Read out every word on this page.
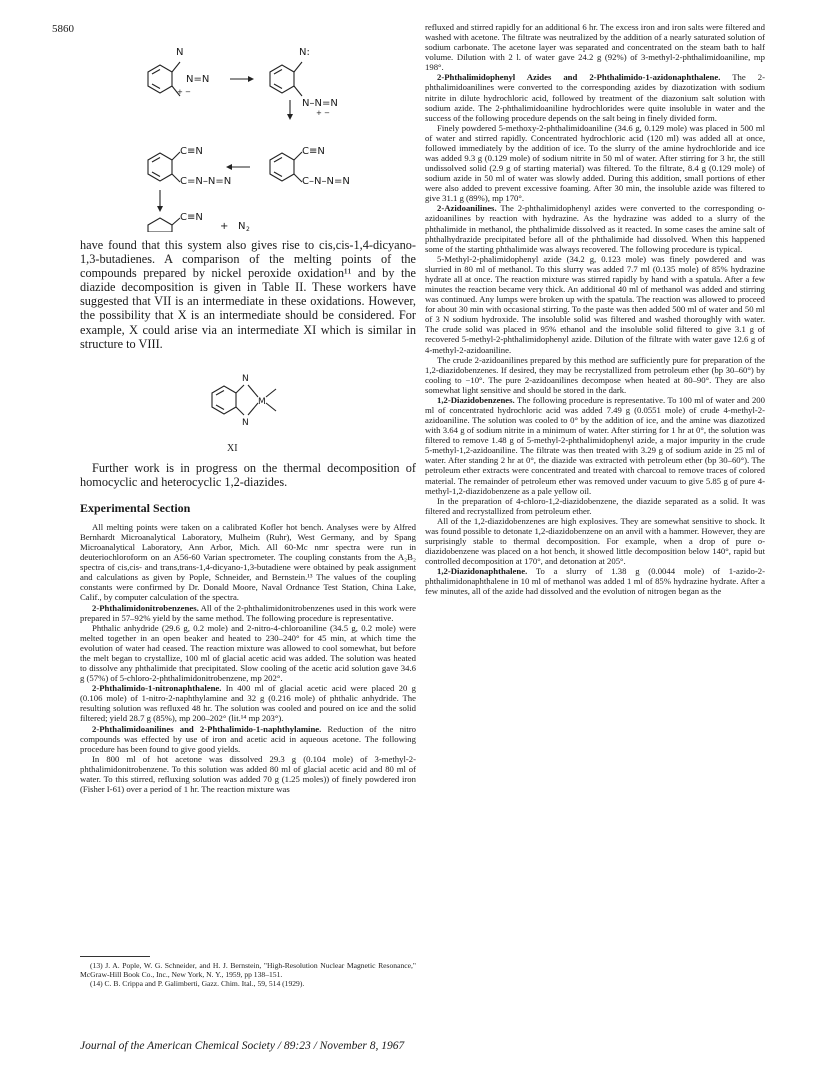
5860
N
N=N
+ −
N:
N–N=N
+ −
C≡N
C=N–N=N
C≡N
C–N–N=N
C≡N
+ N 2

have found that this system also gives rise to cis,cis-1,4-dicyano-1,3-butadienes. A comparison of the melting points of the compounds prepared by nickel peroxide oxidation¹¹ and by the diazide decomposition is given in Table II. These workers have suggested that VII is an intermediate in these oxidations. However, the possibility that X is an intermediate should be considered. For example, X could arise via an intermediate XI which is similar in structure to VIII.

N
N
M
XI

Further work is in progress on the thermal decomposition of homocyclic and heterocyclic 1,2-diazides.

Experimental Section

All melting points were taken on a calibrated Kofler hot bench. Analyses were by Alfred Bernhardt Microanalytical Laboratory, Mulheim (Ruhr), West Germany, and by Spang Microanalytical Laboratory, Ann Arbor, Mich. All 60-Mc nmr spectra were run in deuteriochloroform on an A56-60 Varian spectrometer. The coupling constants from the A₂B₂ spectra of cis,cis- and trans,trans-1,4-dicyano-1,3-butadiene were obtained by peak assignment and calculations as given by Pople, Schneider, and Bernstein.¹³ The values of the coupling constants were confirmed by Dr. Donald Moore, Naval Ordnance Test Station, China Lake, Calif., by computer calculation of the spectra.

2-Phthalimidonitrobenzenes. All of the 2-phthalimidonitrobenzenes used in this work were prepared in 57–92% yield by the same method. The following procedure is representative.

Phthalic anhydride (29.6 g, 0.2 mole) and 2-nitro-4-chloroaniline (34.5 g, 0.2 mole) were melted together in an open beaker and heated to 230–240° for 45 min, at which time the evolution of water had ceased. The reaction mixture was allowed to cool somewhat, but before the melt began to crystallize, 100 ml of glacial acetic acid was added. The solution was heated to dissolve any phthalimide that precipitated. Slow cooling of the acetic acid solution gave 34.6 g (57%) of 5-chloro-2-phthalimidonitrobenzene, mp 202°.

2-Phthalimido-1-nitronaphthalene. In 400 ml of glacial acetic acid were placed 20 g (0.106 mole) of 1-nitro-2-naphthylamine and 32 g (0.216 mole) of phthalic anhydride. The resulting solution was refluxed 48 hr. The solution was cooled and poured on ice and the solid filtered; yield 28.7 g (85%), mp 200–202° (lit.¹⁴ mp 203°).

2-Phthalimidoanilines and 2-Phthalimido-1-naphthylamine. Reduction of the nitro compounds was effected by use of iron and acetic acid in aqueous acetone. The following procedure has been found to give good yields.

In 800 ml of hot acetone was dissolved 29.3 g (0.104 mole) of 3-methyl-2-phthalimidonitrobenzene. To this solution was added 80 ml of glacial acetic acid and 80 ml of water. To this stirred, refluxing solution was added 70 g (1.25 moles)) of finely powdered iron (Fisher I-61) over a period of 1 hr. The reaction mixture was

(13) J. A. Pople, W. G. Schneider, and H. J. Bernstein, "High-Resolution Nuclear Magnetic Resonance," McGraw-Hill Book Co., Inc., New York, N. Y., 1959, pp 138–151.

(14) C. B. Crippa and P. Galimberti, Gazz. Chim. Ital., 59, 514 (1929).

refluxed and stirred rapidly for an additional 6 hr. The excess iron and iron salts were filtered and washed with acetone. The filtrate was neutralized by the addition of a nearly saturated solution of sodium carbonate. The acetone layer was separated and concentrated on the steam bath to half volume. Dilution with 2 l. of water gave 24.2 g (92%) of 3-methyl-2-phthalimidoaniline, mp 198°.

2-Phthalimidophenyl Azides and 2-Phthalimido-1-azidonaphthalene. The 2-phthalimidoanilines were converted to the corresponding azides by diazotization with sodium nitrite in dilute hydrochloric acid, followed by treatment of the diazonium salt solution with sodium azide. The 2-phthalimidoaniline hydrochlorides were quite insoluble in water and the success of the following procedure depends on the salt being in finely divided form.

Finely powdered 5-methoxy-2-phthalimidoaniline (34.6 g, 0.129 mole) was placed in 500 ml of water and stirred rapidly. Concentrated hydrochloric acid (120 ml) was added all at once, followed immediately by the addition of ice. To the slurry of the amine hydrochloride and ice was added 9.3 g (0.129 mole) of sodium nitrite in 50 ml of water. After stirring for 3 hr, the still undissolved solid (2.9 g of starting material) was filtered. To the filtrate, 8.4 g (0.129 mole) of sodium azide in 50 ml of water was slowly added. During this addition, small portions of ether were also added to prevent excessive foaming. After 30 min, the insoluble azide was filtered to give 31.1 g (89%), mp 170°.

2-Azidoanilines. The 2-phthalimidophenyl azides were converted to the corresponding o-azidoanilines by reaction with hydrazine. As the hydrazine was added to a slurry of the phthalimide in methanol, the phthalimide dissolved as it reacted. In some cases the amine salt of phthalhydrazide precipitated before all of the phthalimide had dissolved. When this happened some of the starting phthalimide was always recovered. The following procedure is typical.

5-Methyl-2-phalimidophenyl azide (34.2 g, 0.123 mole) was finely powdered and was slurried in 80 ml of methanol. To this slurry was added 7.7 ml (0.135 mole) of 85% hydrazine hydrate all at once. The reaction mixture was stirred rapidly by hand with a spatula. After a few minutes the reaction became very thick. An additional 40 ml of methanol was added and stirring was continued. Any lumps were broken up with the spatula. The reaction was allowed to proceed for about 30 min with occasional stirring. To the paste was then added 500 ml of water and 50 ml of 3 N sodium hydroxide. The insoluble solid was filtered and washed thoroughly with water. The crude solid was placed in 95% ethanol and the insoluble solid filtered to give 3.1 g of recovered 5-methyl-2-phthalimidophenyl azide. Dilution of the filtrate with water gave 12.6 g of 4-methyl-2-azidoaniline.

The crude 2-azidoanilines prepared by this method are sufficiently pure for preparation of the 1,2-diazidobenzenes. If desired, they may be recrystallized from petroleum ether (bp 30–60°) by cooling to −10°. The pure 2-azidoanilines decompose when heated at 80–90°. They are also somewhat light sensitive and should be stored in the dark.

1,2-Diazidobenzenes. The following procedure is representative. To 100 ml of water and 200 ml of concentrated hydrochloric acid was added 7.49 g (0.0551 mole) of crude 4-methyl-2-azidoaniline. The solution was cooled to 0° by the addition of ice, and the amine was diazotized with 3.64 g of sodium nitrite in a minimum of water. After stirring for 1 hr at 0°, the solution was filtered to remove 1.48 g of 5-methyl-2-phthalimidophenyl azide, a major impurity in the crude 5-methyl-1,2-azidoaniline. The filtrate was then treated with 3.29 g of sodium azide in 25 ml of water. After standing 2 hr at 0°, the diazide was extracted with petroleum ether (bp 30–60°). The petroleum ether extracts were concentrated and treated with charcoal to remove traces of colored material. The remainder of petroleum ether was removed under vacuum to give 5.85 g of pure 4-methyl-1,2-diazidobenzene as a pale yellow oil.

In the preparation of 4-chloro-1,2-diazidobenzene, the diazide separated as a solid. It was filtered and recrystallized from petroleum ether.

All of the 1,2-diazidobenzenes are high explosives. They are somewhat sensitive to shock. It was found possible to detonate 1,2-diazidobenzene on an anvil with a hammer. However, they are surprisingly stable to thermal decomposition. For example, when a drop of pure o-diazidobenzene was placed on a hot bench, it showed little decomposition below 140°, rapid but controlled decomposition at 170°, and detonation at 205°.

1,2-Diazidonaphthalene. To a slurry of 1.38 g (0.0044 mole) of 1-azido-2-phthalimidonaphthalene in 10 ml of methanol was added 1 ml of 85% hydrazine hydrate. After a few minutes, all of the azide had dissolved and the evolution of nitrogen began as the

Journal of the American Chemical Society / 89:23 / November 8, 1967
